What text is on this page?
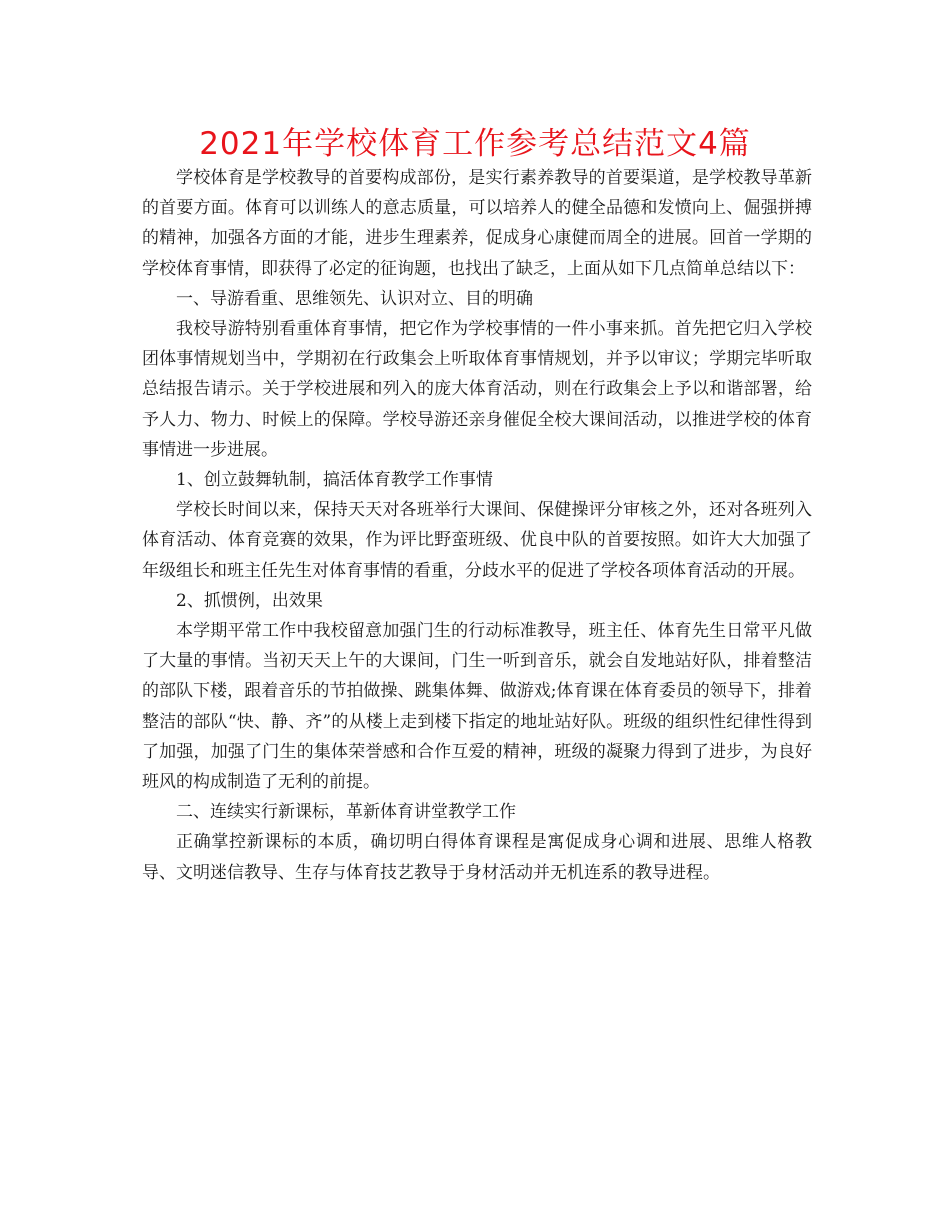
2021年学校体育工作参考总结范文4篇

学校体育是学校教导的首要构成部份，是实行素养教导的首要渠道，是学校教导革新的首要方面。体育可以训练人的意志质量，可以培养人的健全品德和发愤向上、倔强拼搏的精神，加强各方面的才能，进步生理素养，促成身心康健而周全的进展。回首一学期的学校体育事情，即获得了必定的征询题，也找出了缺乏，上面从如下几点简单总结以下：

一、导游看重、思维领先、认识对立、目的明确

我校导游特别看重体育事情，把它作为学校事情的一件小事来抓。首先把它归入学校团体事情规划当中，学期初在行政集会上听取体育事情规划，并予以审议；学期完毕听取总结报告请示。关于学校进展和列入的庞大体育活动，则在行政集会上予以和谐部署，给予人力、物力、时候上的保障。学校导游还亲身催促全校大课间活动，以推进学校的体育事情进一步进展。

1、创立鼓舞轨制，搞活体育教学工作事情

学校长时间以来，保持天天对各班举行大课间、保健操评分审核之外，还对各班列入体育活动、体育竞赛的效果，作为评比野蛮班级、优良中队的首要按照。如许大大加强了年级组长和班主任先生对体育事情的看重，分歧水平的促进了学校各项体育活动的开展。

2、抓惯例，出效果

本学期平常工作中我校留意加强门生的行动标准教导，班主任、体育先生日常平凡做了大量的事情。当初天天上午的大课间，门生一听到音乐，就会自发地站好队，排着整洁的部队下楼，跟着音乐的节拍做操、跳集体舞、做游戏;体育课在体育委员的领导下，排着整洁的部队“快、静、齐”的从楼上走到楼下指定的地址站好队。班级的组织性纪律性得到了加强，加强了门生的集体荣誉感和合作互爱的精神，班级的凝聚力得到了进步，为良好班风的构成制造了无利的前提。

二、连续实行新课标，革新体育讲堂教学工作

正确掌控新课标的本质，确切明白得体育课程是寓促成身心调和进展、思维人格教导、文明迷信教导、生存与体育技艺教导于身材活动并无机连系的教导进程。
